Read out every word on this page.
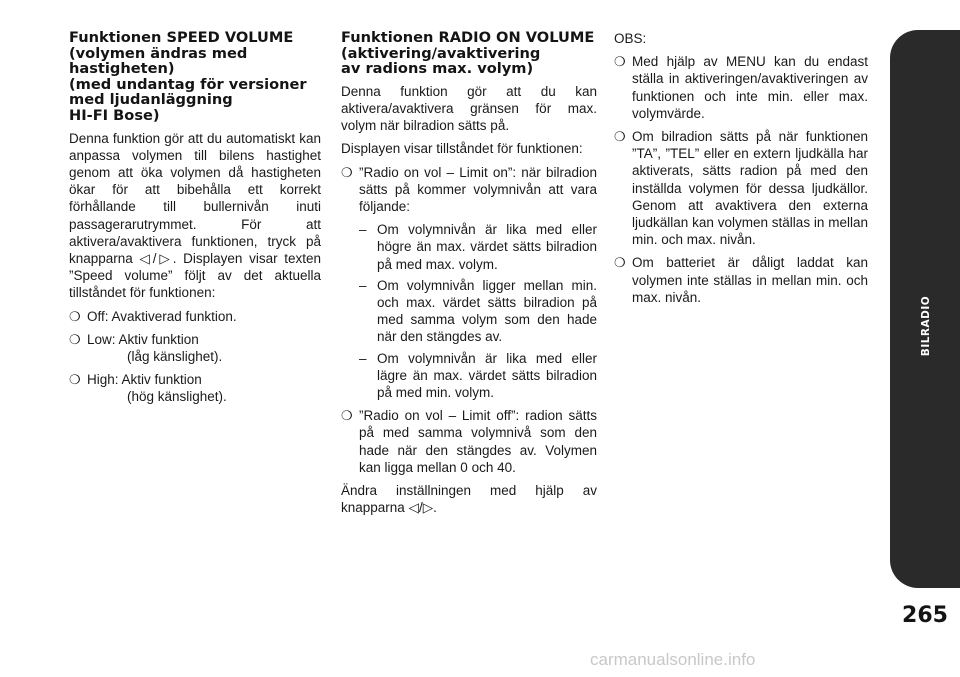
Funktionen SPEED VOLUME
(volymen ändras med
hastigheten)
(med undantag för versioner
med ljudanläggning
HI-FI Bose)

Denna funktion gör att du automatiskt kan anpassa volymen till bilens hastighet genom att öka volymen då hastigheten ökar för att bibehålla ett korrekt förhållande till bullernivån inuti passagerarutrymmet. För att aktivera/avaktivera funktionen, tryck på knapparna ◁/▷. Displayen visar texten ”Speed volume” följt av det aktuella tillståndet för funktionen:

❍ Off: Avaktiverad funktion.
❍ Low: Aktiv funktion
(låg känslighet).
❍ High: Aktiv funktion
(hög känslighet).
Funktionen RADIO ON VOLUME
(aktivering/avaktivering
av radions max. volym)

Denna funktion gör att du kan aktivera/avaktivera gränsen för max. volym när bilradion sätts på.

Displayen visar tillståndet för funktionen:

❍ ”Radio on vol – Limit on”: när bilradion sätts på kommer volymnivån att vara följande:
– Om volymnivån är lika med eller högre än max. värdet sätts bilradion på med max. volym.
– Om volymnivån ligger mellan min. och max. värdet sätts bilradion på med samma volym som den hade när den stängdes av.
– Om volymnivån är lika med eller lägre än max. värdet sätts bilradion på med min. volym.
❍ ”Radio on vol – Limit off”: radion sätts på med samma volymnivå som den hade när den stängdes av. Volymen kan ligga mellan 0 och 40.

Ändra inställningen med hjälp av knapparna ◁/▷.

OBS:

❍ Med hjälp av MENU kan du endast ställa in aktiveringen/avaktiveringen av funktionen och inte min. eller max. volymvärde.
❍ Om bilradion sätts på när funktionen ”TA”, ”TEL” eller en extern ljudkälla har aktiverats, sätts radion på med den inställda volymen för dessa ljudkällor. Genom att avaktivera den externa ljudkällan kan volymen ställas in mellan min. och max. nivån.
❍ Om batteriet är dåligt laddat kan volymen inte ställas in mellan min. och max. nivån.	BILRADIO
265
carmanualsonline.info
